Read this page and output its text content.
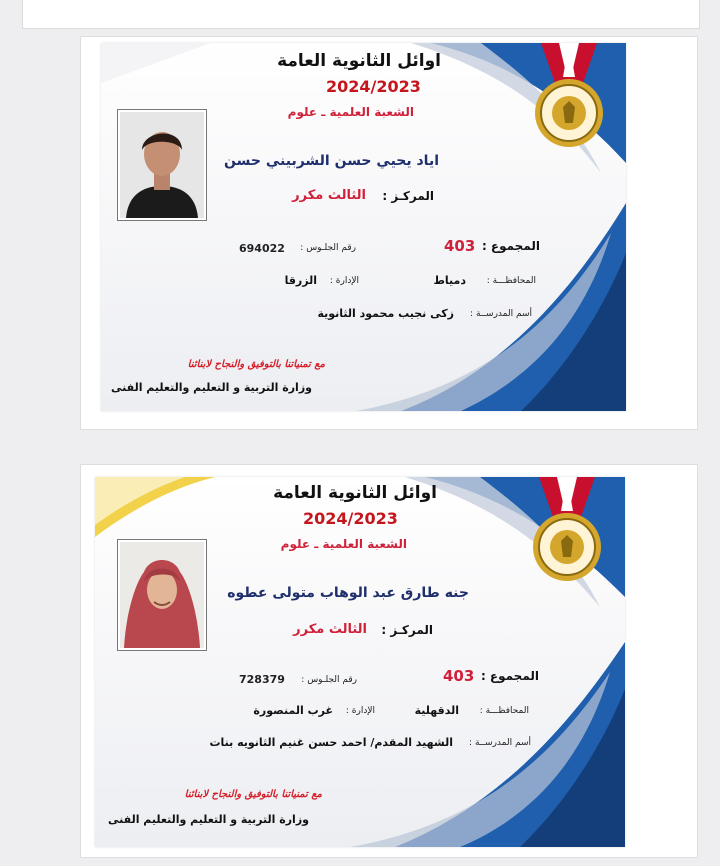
اوائل الثانوية العامة
2024/2023
الشعبة العلمية ـ علوم
اياد يحيي حسن الشربيني حسن
المركـز :
الثالث مكرر
المجموع :
403
رقم الجلـوس :
694022
المحافظـــة :
دمياط
الإدارة :
الزرقا
أسم المدرســة :
زكى نجيب محمود الثانوية
مع تمنياتنا بالتوفيق والنجاح لابنائنا
وزارة التربية و التعليم والتعليم الفنى
اوائل الثانوية العامة
2024/2023
الشعبة العلمية ـ علوم
جنه طارق عبد الوهاب متولى عطوه
المركـز :
الثالث مكرر
المجموع :
403
رقم الجلـوس :
728379
المحافظـــة :
الدقهلية
الإدارة :
غرب المنصورة
أسم المدرســة :
الشهيد المقدم/ احمد حسن غنيم الثانويه بنات
مع تمنياتنا بالتوفيق والنجاح لابنائنا
وزارة التربية و التعليم والتعليم الفنى
